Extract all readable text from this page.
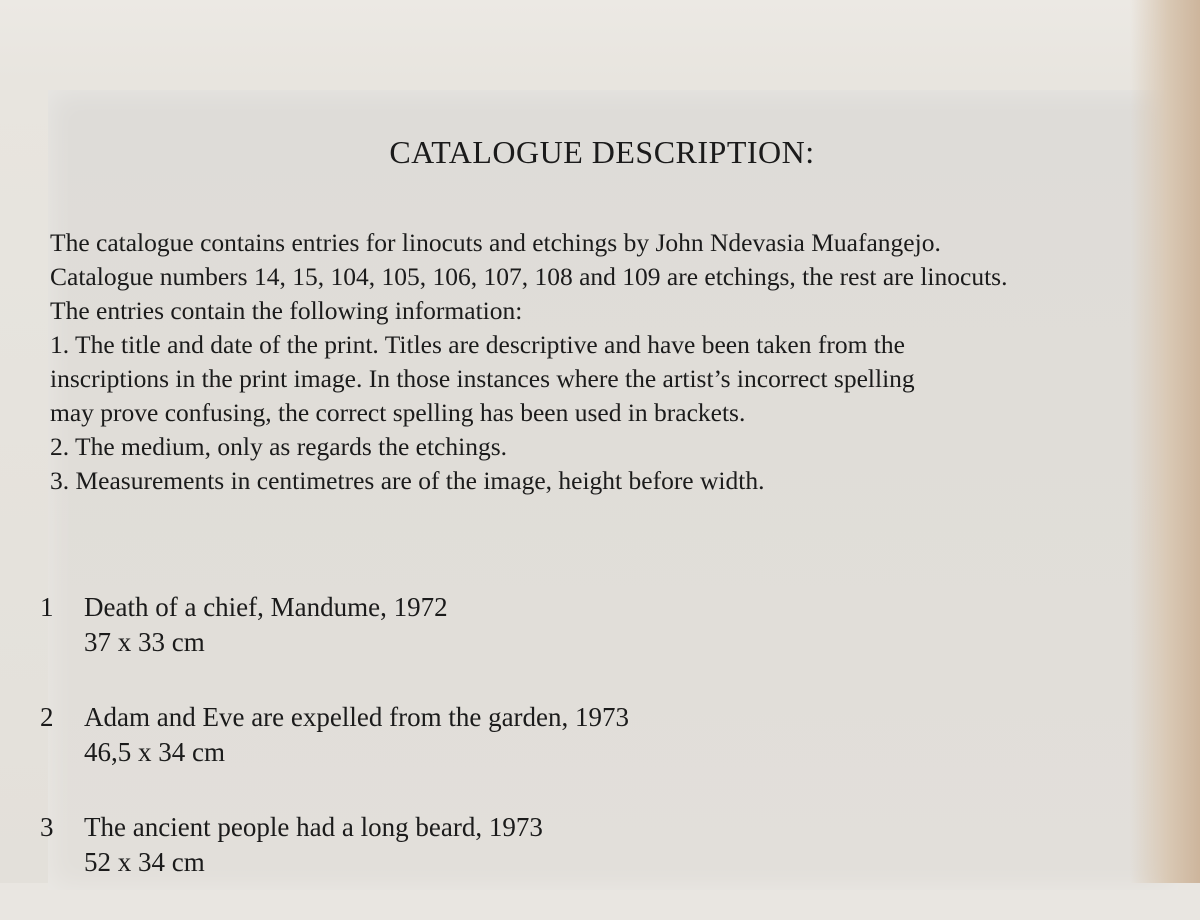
CATALOGUE DESCRIPTION:
The catalogue contains entries for linocuts and etchings by John Ndevasia Muafangejo.
Catalogue numbers 14, 15, 104, 105, 106, 107, 108 and 109 are etchings, the rest are linocuts.
The entries contain the following information:
1. The title and date of the print. Titles are descriptive and have been taken from the
inscriptions in the print image. In those instances where the artist’s incorrect spelling
may prove confusing, the correct spelling has been used in brackets.
2. The medium, only as regards the etchings.
3. Measurements in centimetres are of the image, height before width.
1	Death of a chief, Mandume, 1972
37 x 33 cm
2	Adam and Eve are expelled from the garden, 1973
46,5 x 34 cm
3	The ancient people had a long beard, 1973
52 x 34 cm
